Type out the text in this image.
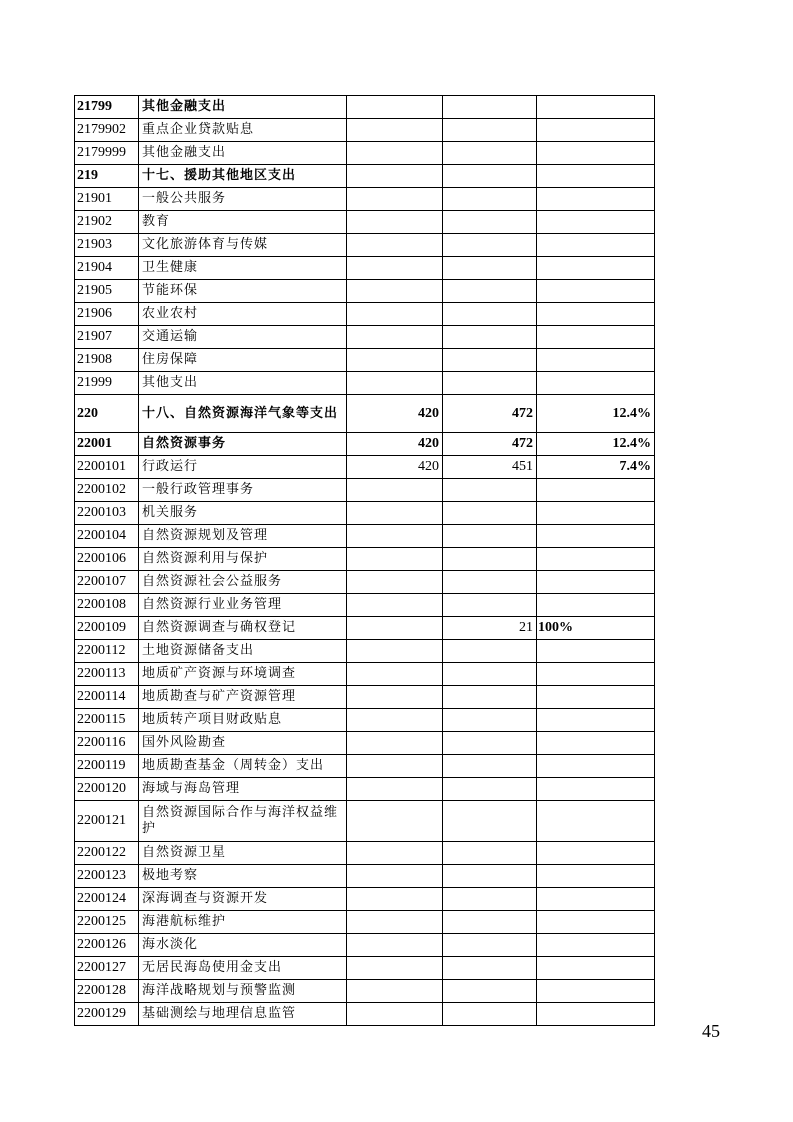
21799	其他金融支出			
2179902	重点企业贷款贴息			
2179999	其他金融支出			
219	十七、援助其他地区支出			
21901	一般公共服务			
21902	教育			
21903	文化旅游体育与传媒			
21904	卫生健康			
21905	节能环保			
21906	农业农村			
21907	交通运输			
21908	住房保障			
21999	其他支出			
220	十八、自然资源海洋气象等支出	420	472	12.4%
22001	自然资源事务	420	472	12.4%
2200101	行政运行	420	451	7.4%
2200102	一般行政管理事务			
2200103	机关服务			
2200104	自然资源规划及管理			
2200106	自然资源利用与保护			
2200107	自然资源社会公益服务			
2200108	自然资源行业业务管理			
2200109	自然资源调查与确权登记		21	100%
2200112	土地资源储备支出			
2200113	地质矿产资源与环境调查			
2200114	地质勘查与矿产资源管理			
2200115	地质转产项目财政贴息			
2200116	国外风险勘查			
2200119	地质勘查基金（周转金）支出			
2200120	海域与海岛管理			
2200121	自然资源国际合作与海洋权益维护			
2200122	自然资源卫星			
2200123	极地考察			
2200124	深海调查与资源开发			
2200125	海港航标维护			
2200126	海水淡化			
2200127	无居民海岛使用金支出			
2200128	海洋战略规划与预警监测			
2200129	基础测绘与地理信息监管			
45
